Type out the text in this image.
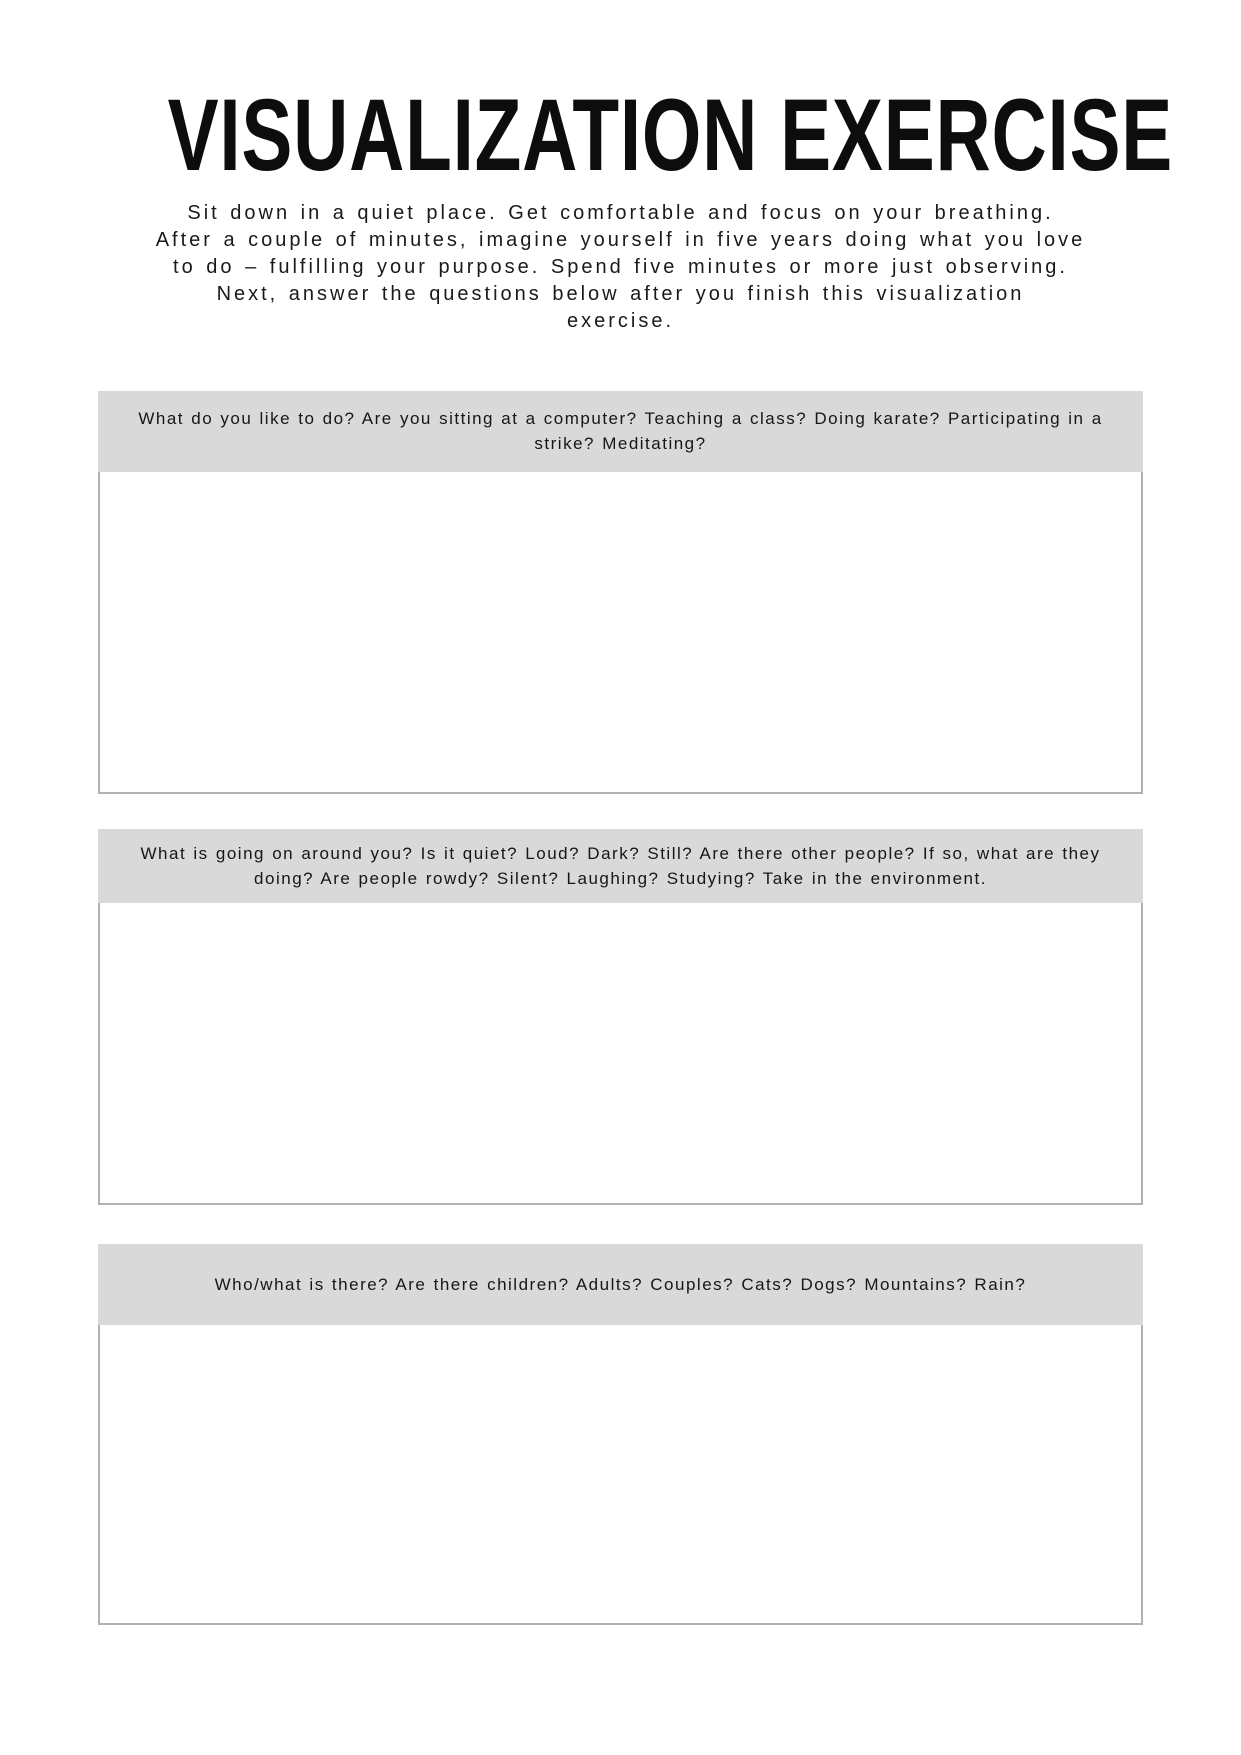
VISUALIZATION EXERCISE
Sit down in a quiet place. Get comfortable and focus on your breathing.
After a couple of minutes, imagine yourself in five years doing what you love
to do – fulfilling your purpose. Spend five minutes or more just observing.
Next, answer the questions below after you finish this visualization
exercise.
What do you like to do? Are you sitting at a computer? Teaching a class? Doing karate? Participating in a strike? Meditating?
What is going on around you? Is it quiet? Loud? Dark? Still? Are there other people? If so, what are they doing? Are people rowdy? Silent? Laughing? Studying? Take in the environment.
Who/what is there? Are there children? Adults? Couples? Cats? Dogs? Mountains? Rain?
